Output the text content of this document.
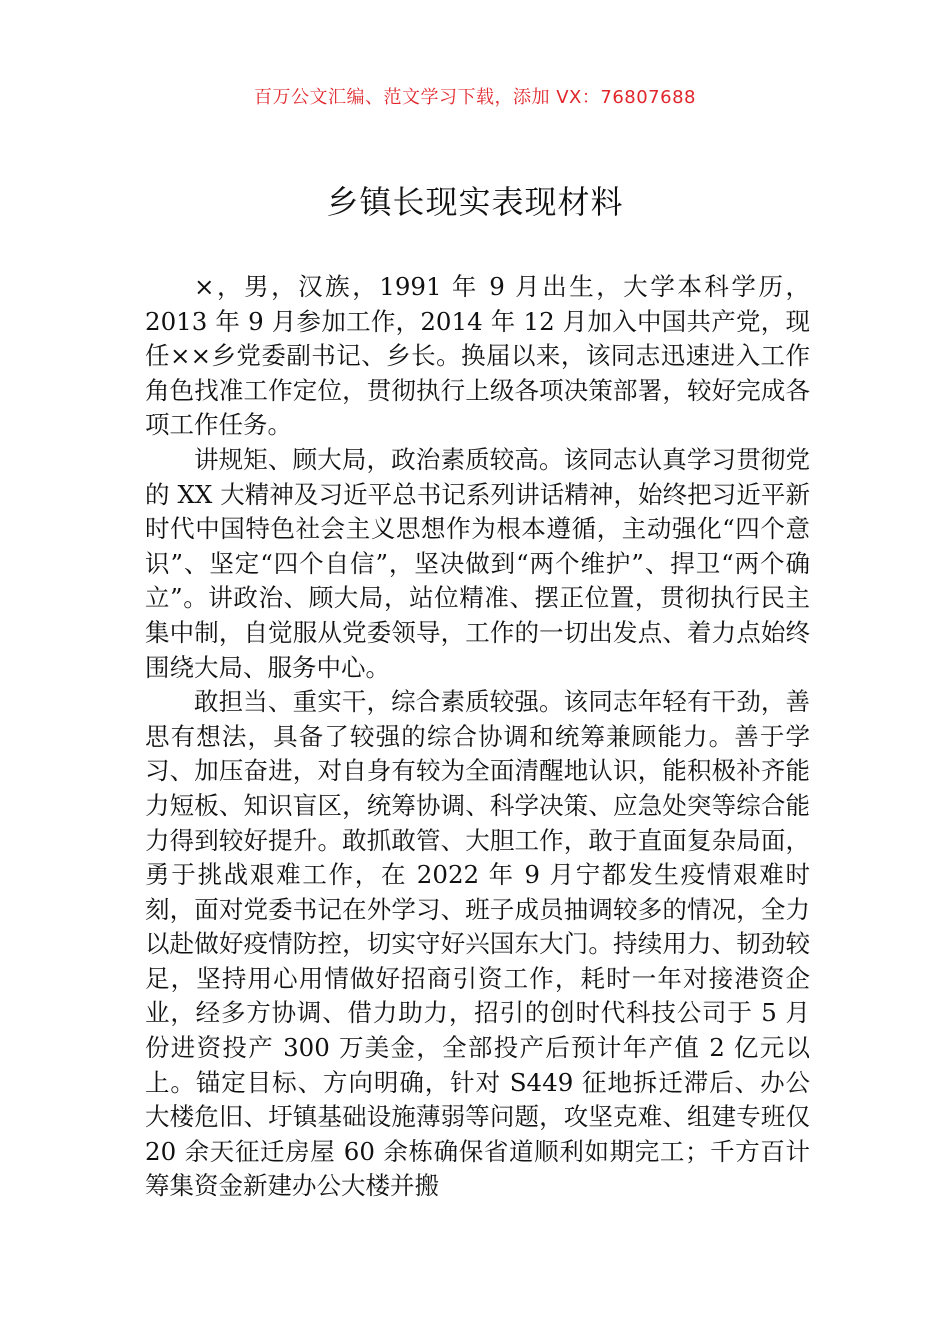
百万公文汇编、范文学习下载，添加 VX：76807688
乡镇长现实表现材料

×，男，汉族，1991 年 9 月出生，大学本科学历，2013 年 9 月参加工作，2014 年 12 月加入中国共产党，现任××乡党委副书记、乡长。换届以来，该同志迅速进入工作角色找准工作定位，贯彻执行上级各项决策部署，较好完成各项工作任务。

讲规矩、顾大局，政治素质较高。该同志认真学习贯彻党的 XX 大精神及习近平总书记系列讲话精神，始终把习近平新时代中国特色社会主义思想作为根本遵循，主动强化“四个意识”、坚定“四个自信”，坚决做到“两个维护”、捍卫“两个确立”。讲政治、顾大局，站位精准、摆正位置，贯彻执行民主集中制，自觉服从党委领导，工作的一切出发点、着力点始终围绕大局、服务中心。

敢担当、重实干，综合素质较强。该同志年轻有干劲，善思有想法，具备了较强的综合协调和统筹兼顾能力。善于学习、加压奋进，对自身有较为全面清醒地认识，能积极补齐能力短板、知识盲区，统筹协调、科学决策、应急处突等综合能力得到较好提升。敢抓敢管、大胆工作，敢于直面复杂局面，勇于挑战艰难工作，在 2022 年 9 月宁都发生疫情艰难时刻，面对党委书记在外学习、班子成员抽调较多的情况，全力以赴做好疫情防控，切实守好兴国东大门。持续用力、韧劲较足，坚持用心用情做好招商引资工作，耗时一年对接港资企业，经多方协调、借力助力，招引的创时代科技公司于 5 月份进资投产 300 万美金，全部投产后预计年产值 2 亿元以上。锚定目标、方向明确，针对 S449 征地拆迁滞后、办公大楼危旧、圩镇基础设施薄弱等问题，攻坚克难、组建专班仅 20 余天征迁房屋 60 余栋确保省道顺利如期完工；千方百计筹集资金新建办公大楼并搬
